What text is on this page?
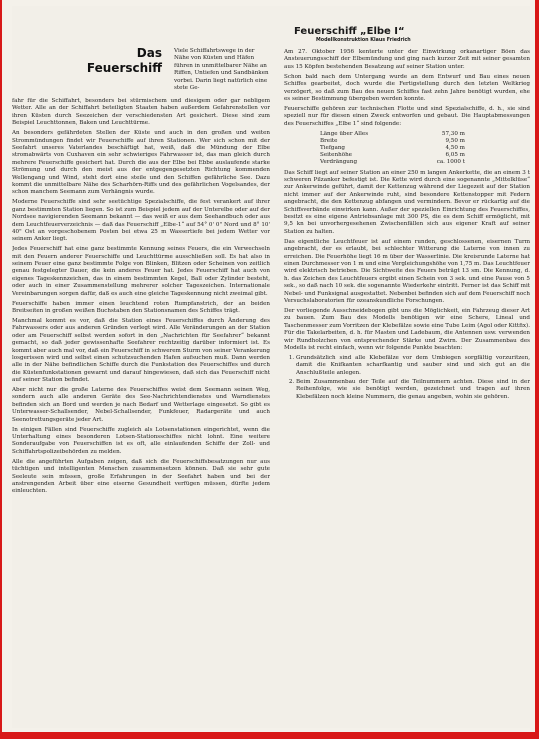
Das
Feuerschiff
Viele Schiffahrtswege in der Nähe von Küsten und Häfen führen in unmittelbarer Nähe an Riffen, Untiefen und Sandbänken vorbei. Darin liegt natürlich eine stete Ge-

fahr für die Schiffahrt, besonders bei stürmischem und diesigem oder gar nebligem Wetter. Alle an der Schiffahrt beteiligten Staaten haben außerdem Gefahrenstellen vor ihren Küsten durch Seezeichen der verschiedensten Art gesichert. Diese sind zum Beispiel Leuchttonnen, Baken und Leuchttürme.

An besonders gefährdeten Stellen der Küste und auch in den großen und weiten Strommündungen findet wir Feuerschiffe auf ihren Stationen. Wer sich schon mit der Seefahrt unseres Vaterlandes beschäftigt hat, weiß, daß die Mündung der Elbe stromabwärts von Cuxhaven ein sehr schwieriges Fahrwasser ist, das man gleich durch mehrere Feuerschiffe gesichert hat. Durch die aus der Elbe bei Ebbe auslaufende starke Strömung und durch den meist aus der entgegengesetzten Richtung kommenden Wellengang und Wind, steht dort eine steile und den Schiffen gefährliche See. Dazu kommt die unmittelbare Nähe des Scharhörn-Riffs und des gefährlichen Vogelsandes, der schon manchem Seemann zum Verhängnis wurde.

Moderne Feuerschiffe sind sehr seetüchtige Spezialschiffe, die fest verankert auf ihrer ganz bestimmten Station liegen. So ist zum Beispiel jedem auf der Unterelbe oder auf der Nordsee navigierenden Seemann bekannt — das weiß er aus dem Seehandbuch oder aus dem Leuchtfeuerverzeichnis — daß das Feuerschiff „Elbe-1“ auf 54° 0' 0" Nord und 8° 10' 40" Ost an vorgeschobenem Posten bei etwa 25 m Wassertiefe bei jedem Wetter vor seinem Anker liegt.

Jedes Feuerschiff hat eine ganz bestimmte Kennung seines Feuers, die ein Verwechseln mit den Feuern anderer Feuerschiffe und Leuchttürme ausschließen soll. Es hat also in seinem Feuer eine ganz bestimmte Folge von Blinken, Blitzen oder Scheinen von zeitlich genau festgelegter Dauer, die kein anderes Feuer hat. Jedes Feuerschiff hat auch von eigenes Tageskennzeichen, das in einem bestimmten Kegel, Ball oder Zylinder besteht, oder auch in einer Zusammenstellung mehrerer solcher Tageszeichen. Internationale Vereinbarungen sorgen dafür, daß es auch eine gleiche Tageskennung nicht zweimal gibt.

Feuerschiffe haben immer einen leuchtend roten Rumpfanstrich, der an beiden Breitseiten in großen weißen Buchstaben den Stationsnamen des Schiffes trägt.

Manchmal kommt es vor, daß die Station eines Feuerschiffes durch Änderung des Fahrwassers oder aus anderen Gründen verlegt wird. Alle Veränderungen an der Station oder am Feuerschiff selbst werden sofort in den „Nachrichten für Seefahrer“ bekannt gemacht, so daß jeder gewissenhafte Seefahrer rechtzeitig darüber informiert ist. Es kommt aber auch mal vor, daß ein Feuerschiff in schwerem Sturm von seiner Verankerung losgerissen wird und selbst einen schutzsuchenden Hafen aufsuchen muß. Dann werden alle in der Nähe befindlichen Schiffe durch die Funkstation des Feuerschiffes und durch die Küstenfunkstationen gewarnt und darauf hingewiesen, daß sich das Feuerschiff nicht auf seiner Station befindet.

Aber nicht nur die große Laterne des Feuerschiffes weist dem Seemann seinen Weg, sondern auch alle anderen Geräte des See-Nachrichtendienstes und Warndienstes befinden sich an Bord und werden je nach Bedarf und Wetterlage eingesetzt. So gibt es Unterwasser-Schallsender, Nebel-Schallsender, Funkfeuer, Radargeräte und auch Seenotrettungsgeräte jeder Art.

In einigen Fällen sind Feuerschiffe zugleich als Lotsenstationen eingerichtet, wenn die Unterhaltung eines besonderen Lotsen-Stationsschiffes nicht lohnt. Eine weitere Sonderaufgabe von Feuerschiffen ist es oft, alle einlaufenden Schiffe der Zoll- und Schiffahrtspolizeibehörden zu melden.

Alle die angeführten Aufgaben zeigen, daß sich die Feuerschiffsbesatzungen nur aus tüchtigen und intelligenten Menschen zusammensetzen können. Daß sie sehr gute Seeleute sein müssen, große Erfahrungen in der Seefahrt haben und bei der anstrengenden Arbeit über eine eiserne Gesundheit verfügen müssen, dürfte jedem einleuchten.

Feuerschiff „Elbe I“
Modellkonstruktion Klaus Friedrich

Am 27. Oktober 1956 kenterte unter der Einwirkung orkanartiger Böen das Ansteuerungsschiff der Elbemündung und ging nach kurzer Zeit mit seiner gesamten aus 15 Köpfen bestehenden Besatzung auf seiner Station unter.

Schon bald nach dem Untergang wurde an dem Entwurf und Bau eines neuen Schiffes gearbeitet, doch wurde die Fertigstellung durch den letzten Weltkrieg verzögert, so daß zum Bau des neuen Schiffes fast zehn Jahre benötigt wurden, ehe es seiner Bestimmung übergeben werden konnte.

Feuerschiffe gehören zur technischen Flotte und sind Spezialschiffe, d. h., sie sind speziell nur für diesen einen Zweck entworfen und gebaut. Die Hauptabmessungen des Feuerschiffes „Elbe 1“ sind folgende:

Länge über Alles	57,30 m
Breite	9,50 m
Tiefgang	4,50 m
Seitenhöhe	6,05 m
Verdrängung	ca. 1000 t

Das Schiff liegt auf seiner Station an einer 250 m langen Ankerkette, die an einem 3 t schweren Pilzanker befestigt ist. Die Kette wird durch eine sogenannte „Mittelklüse“ zur Ankerwinde geführt, damit der Kettenzug während der Liegezeit auf der Station nicht immer auf der Ankerwinde ruht, sind besondere Kettenstopper mit Federn angebracht, die den Kettenzug abfangen und vermindern. Bevor er rückartig auf die Schiffsverbände einwirken kann. Außer der speziellen Einrichtung des Feuerschiffes, besitzt es eine eigene Antriebsanlage mit 300 PS, die es dem Schiff ermöglicht, mit 9,5 kn bei unvorhergesehenen Zwischenfällen sich aus eigener Kraft auf seiner Station zu halten.

Das eigentliche Leuchtfeuer ist auf einem runden, geschlossenen, eisernen Turm angebracht, der es erlaubt, bei schlechter Witterung die Laterne von innen zu erreichen. Die Feuerhöhe liegt 16 m über der Wasserlinie. Die kreisrunde Laterne hat einen Durchmesser von 1 m und eine Vergleichungshöhe von 1,75 m. Das Leuchtfeuer wird elektrisch betrieben. Die Sichtweite des Feuers beträgt 13 sm. Die Kennung, d. h. das Zeichen des Leuchtfeuers ergibt einen Schein von 3 sek. und eine Pause von 5 sek., so daß nach 10 sek. die sogenannte Wiederkehr eintritt. Ferner ist das Schiff mit Nebel- und Funksignal ausgestattet. Nebenbei befinden sich auf dem Feuerschiff noch Versuchslaboratorien für ozeanskundliche Forschungen.

Der vorliegende Ausschneidebogen gibt uns die Möglichkeit, ein Fahrzeug dieser Art zu bauen. Zum Bau des Modells benötigen wir eine Schere, Lineal und Taschenmesser zum Vorritzen der Klebefälze sowie eine Tube Leim (Agol oder Kittfix). Für die Takelarbeiten, d. h. für Masten und Ladebaum, die Antennen usw. verwenden wir Rundholzchen von entsprechender Stärke und Zwirn. Der Zusammenbau des Modells ist recht einfach, wenn wir folgende Punkte beachten:

1. Grundsätzlich sind alle Klebefälze vor dem Umbiegen sorgfältig vorzuritzen, damit die Knifkanten scharfkantig und sauber sind und sich gut an die Anschlußteile anlegen.
2. Beim Zusammenbau der Teile auf die Teilnummern achten. Diese sind in der Reihenfolge, wie sie benötigt werden, gezeichnet und tragen auf ihren Klebefälzen noch kleine Nummern, die genau angeben, wohin sie gehören.
